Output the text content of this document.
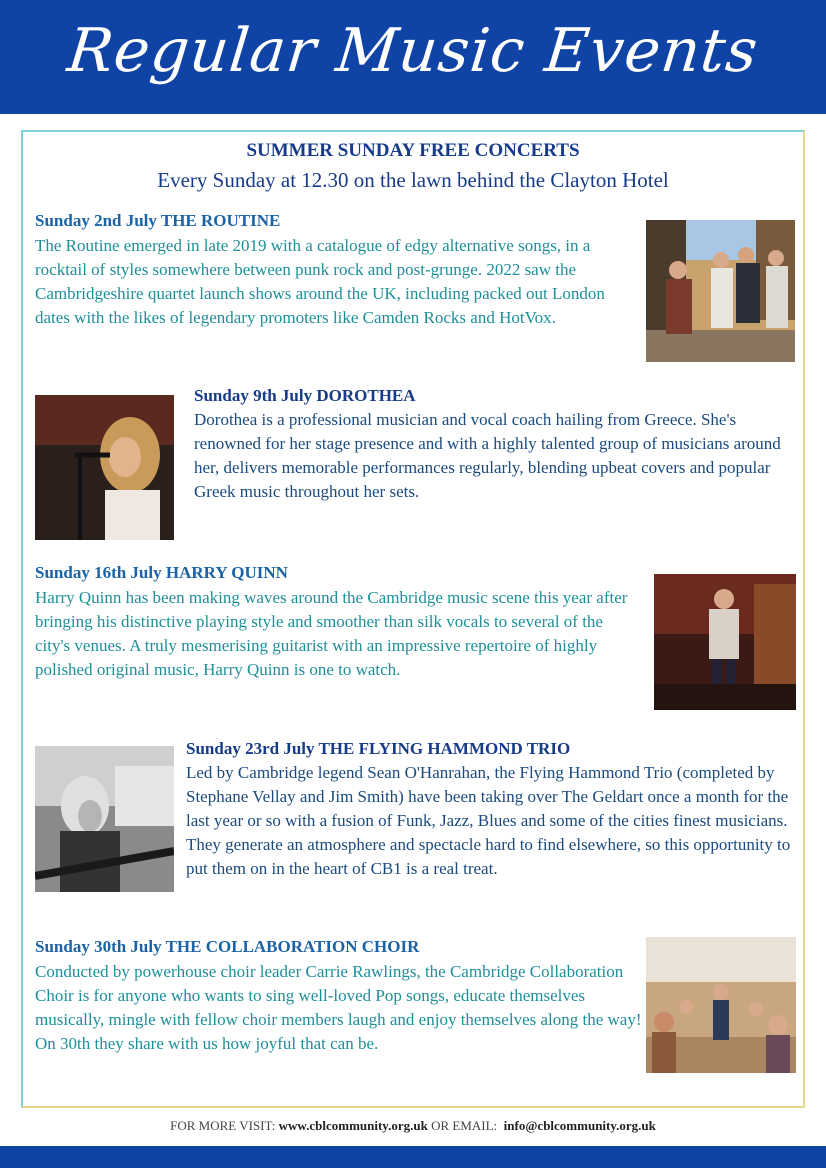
Regular Music Events
SUMMER SUNDAY FREE CONCERTS
Every Sunday at 12.30 on the lawn behind the Clayton Hotel
Sunday 2nd July THE ROUTINE
The Routine emerged in late 2019 with a catalogue of edgy alternative songs, in a rocktail of styles somewhere between punk rock and post-grunge. 2022 saw the Cambridgeshire quartet launch shows around the UK, including packed out London dates with the likes of legendary promoters like Camden Rocks and HotVox.
Sunday 9th July DOROTHEA
Dorothea is a professional musician and vocal coach hailing from Greece. She's renowned for her stage presence and with a highly talented group of musicians around her, delivers memorable performances regularly, blending upbeat covers and popular Greek music throughout her sets.
Sunday 16th July HARRY QUINN
Harry Quinn has been making waves around the Cambridge music scene this year after bringing his distinctive playing style and smoother than silk vocals to several of the city's venues. A truly mesmerising guitarist with an impressive repertoire of highly polished original music, Harry Quinn is one to watch.
Sunday 23rd July THE FLYING HAMMOND TRIO
Led by Cambridge legend Sean O'Hanrahan, the Flying Hammond Trio (completed by Stephane Vellay and Jim Smith) have been taking over The Geldart once a month for the last year or so with a fusion of Funk, Jazz, Blues and some of the cities finest musicians. They generate an atmosphere and spectacle hard to find elsewhere, so this opportunity to put them on in the heart of CB1 is a real treat.
Sunday 30th July THE COLLABORATION CHOIR
Conducted by powerhouse choir leader Carrie Rawlings, the Cambridge Collaboration Choir is for anyone who wants to sing well-loved Pop songs, educate themselves musically, mingle with fellow choir members laugh and enjoy themselves along the way! On 30th they share with us how joyful that can be.
FOR MORE VISIT: www.cblcommunity.org.uk OR EMAIL: info@cblcommunity.org.uk
